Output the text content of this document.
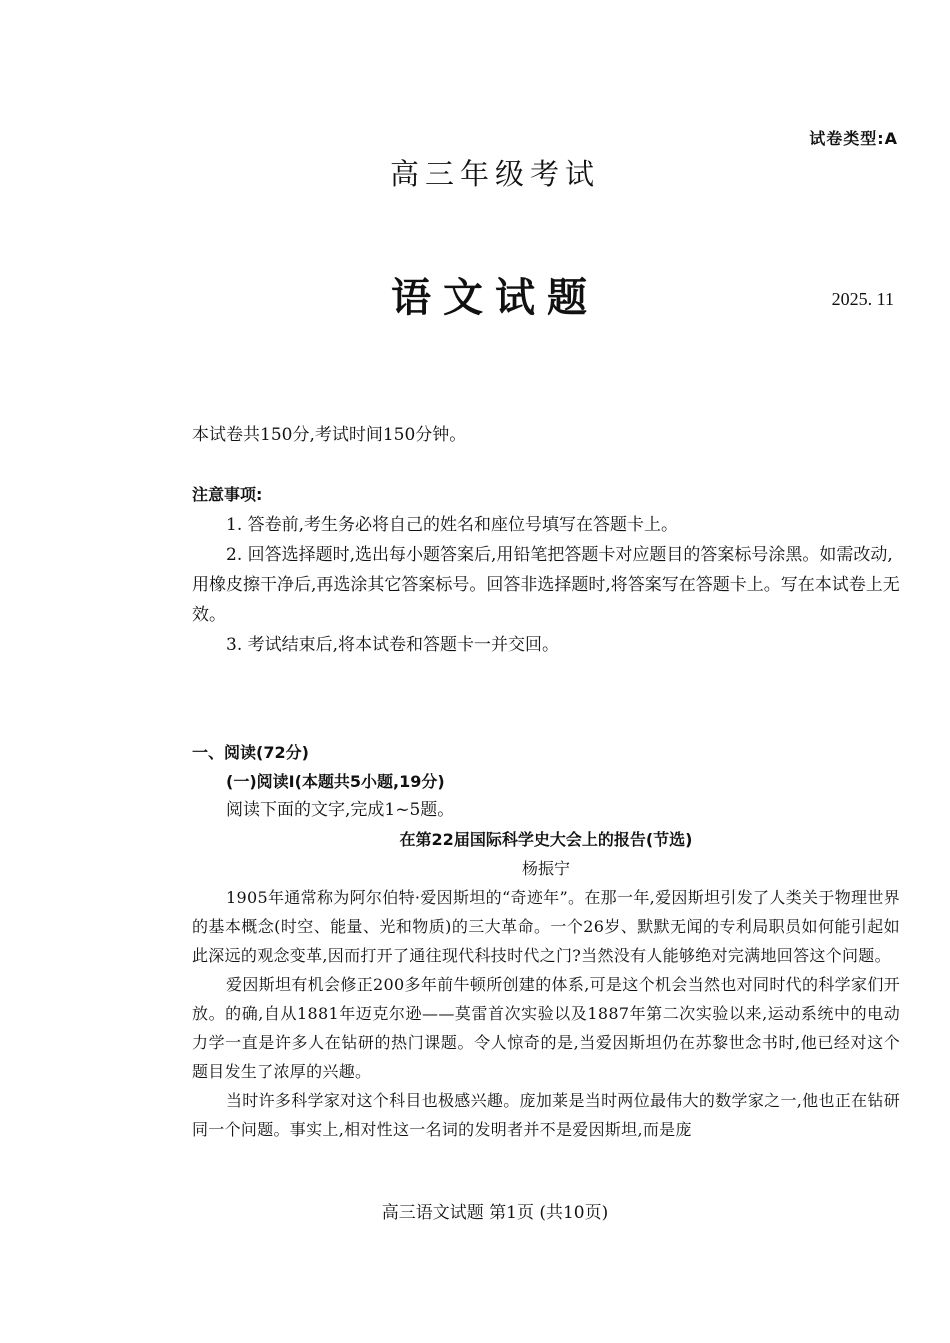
试卷类型:A
高三年级考试
语文试题	2025. 11
本试卷共150分,考试时间150分钟。
注意事项:

1. 答卷前,考生务必将自己的姓名和座位号填写在答题卡上。

2. 回答选择题时,选出每小题答案后,用铅笔把答题卡对应题目的答案标号涂黑。如需改动,用橡皮擦干净后,再选涂其它答案标号。回答非选择题时,将答案写在答题卡上。写在本试卷上无效。

3. 考试结束后,将本试卷和答题卡一并交回。

一、阅读(72分)

(一)阅读Ⅰ(本题共5小题,19分)

阅读下面的文字,完成1~5题。

在第22届国际科学史大会上的报告(节选)

杨振宁

1905年通常称为阿尔伯特·爱因斯坦的“奇迹年”。在那一年,爱因斯坦引发了人类关于物理世界的基本概念(时空、能量、光和物质)的三大革命。一个26岁、默默无闻的专利局职员如何能引起如此深远的观念变革,因而打开了通往现代科技时代之门?当然没有人能够绝对完满地回答这个问题。

爱因斯坦有机会修正200多年前牛顿所创建的体系,可是这个机会当然也对同时代的科学家们开放。的确,自从1881年迈克尔逊——莫雷首次实验以及1887年第二次实验以来,运动系统中的电动力学一直是许多人在钻研的热门课题。令人惊奇的是,当爱因斯坦仍在苏黎世念书时,他已经对这个题目发生了浓厚的兴趣。

当时许多科学家对这个科目也极感兴趣。庞加莱是当时两位最伟大的数学家之一,他也正在钻研同一个问题。事实上,相对性这一名词的发明者并不是爱因斯坦,而是庞

高三语文试题 第1页 (共10页)
